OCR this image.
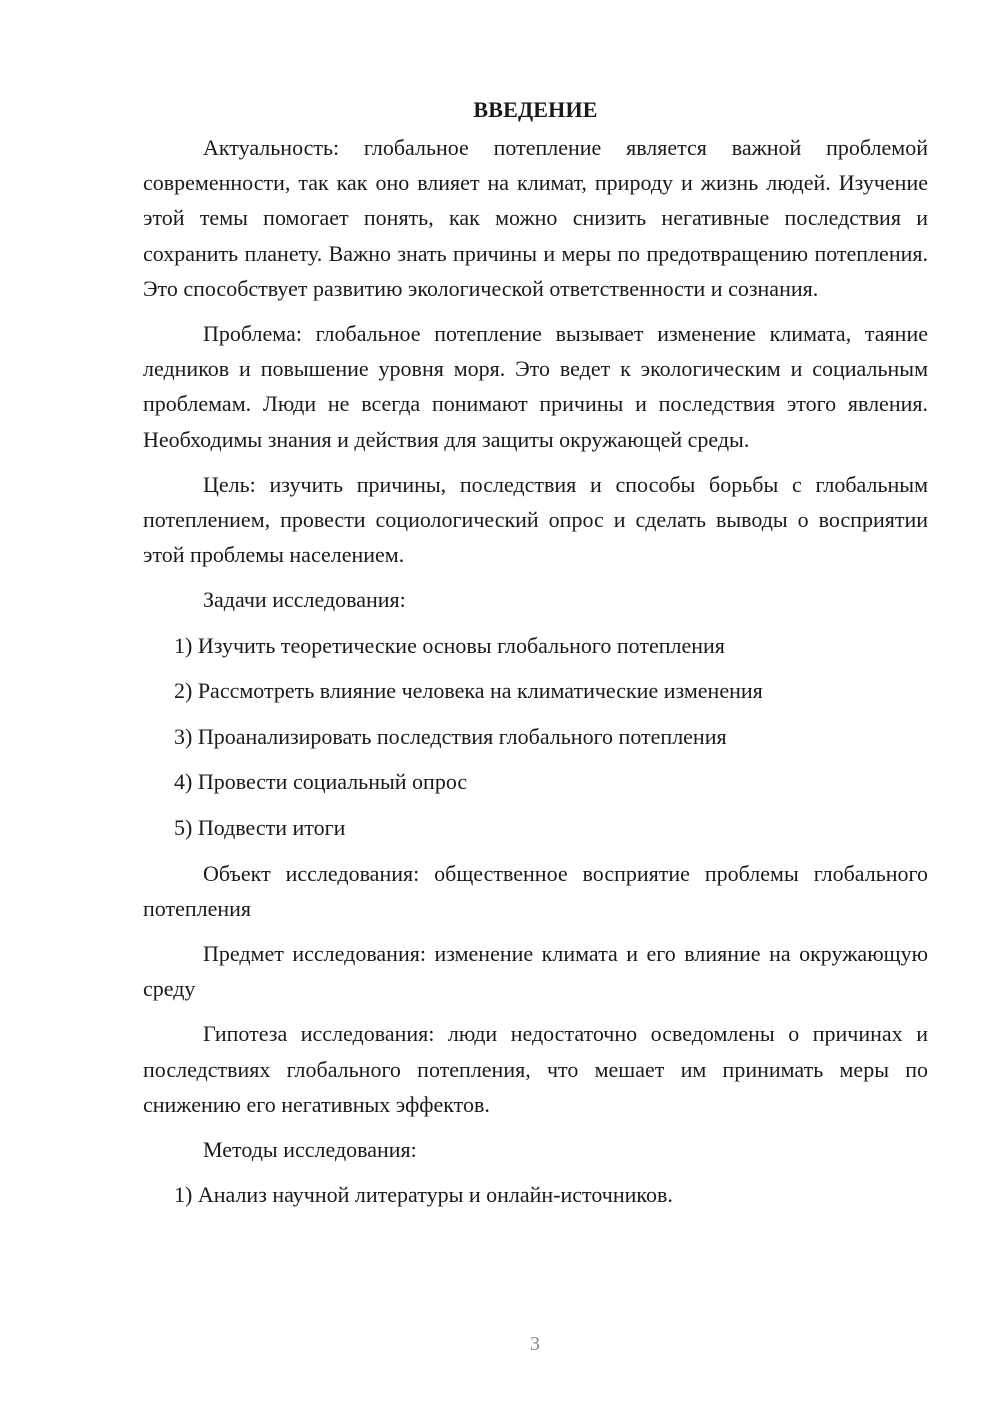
ВВЕДЕНИЕ

Актуальность: глобальное потепление является важной проблемой современности, так как оно влияет на климат, природу и жизнь людей. Изучение этой темы помогает понять, как можно снизить негативные последствия и сохранить планету. Важно знать причины и меры по предотвращению потепления. Это способствует развитию экологической ответственности и сознания.

Проблема: глобальное потепление вызывает изменение климата, таяние ледников и повышение уровня моря. Это ведет к экологическим и социальным проблемам. Люди не всегда понимают причины и последствия этого явления. Необходимы знания и действия для защиты окружающей среды.

Цель: изучить причины, последствия и способы борьбы с глобальным потеплением, провести социологический опрос и сделать выводы о восприятии этой проблемы населением.

Задачи исследования:

1) Изучить теоретические основы глобального потепления
2) Рассмотреть влияние человека на климатические изменения
3) Проанализировать последствия глобального потепления
4) Провести социальный опрос
5) Подвести итоги

Объект исследования: общественное восприятие проблемы глобального потепления

Предмет исследования: изменение климата и его влияние на окружающую среду

Гипотеза исследования: люди недостаточно осведомлены о причинах и последствиях глобального потепления, что мешает им принимать меры по снижению его негативных эффектов.

Методы исследования:

1) Анализ научной литературы и онлайн-источников.
3
